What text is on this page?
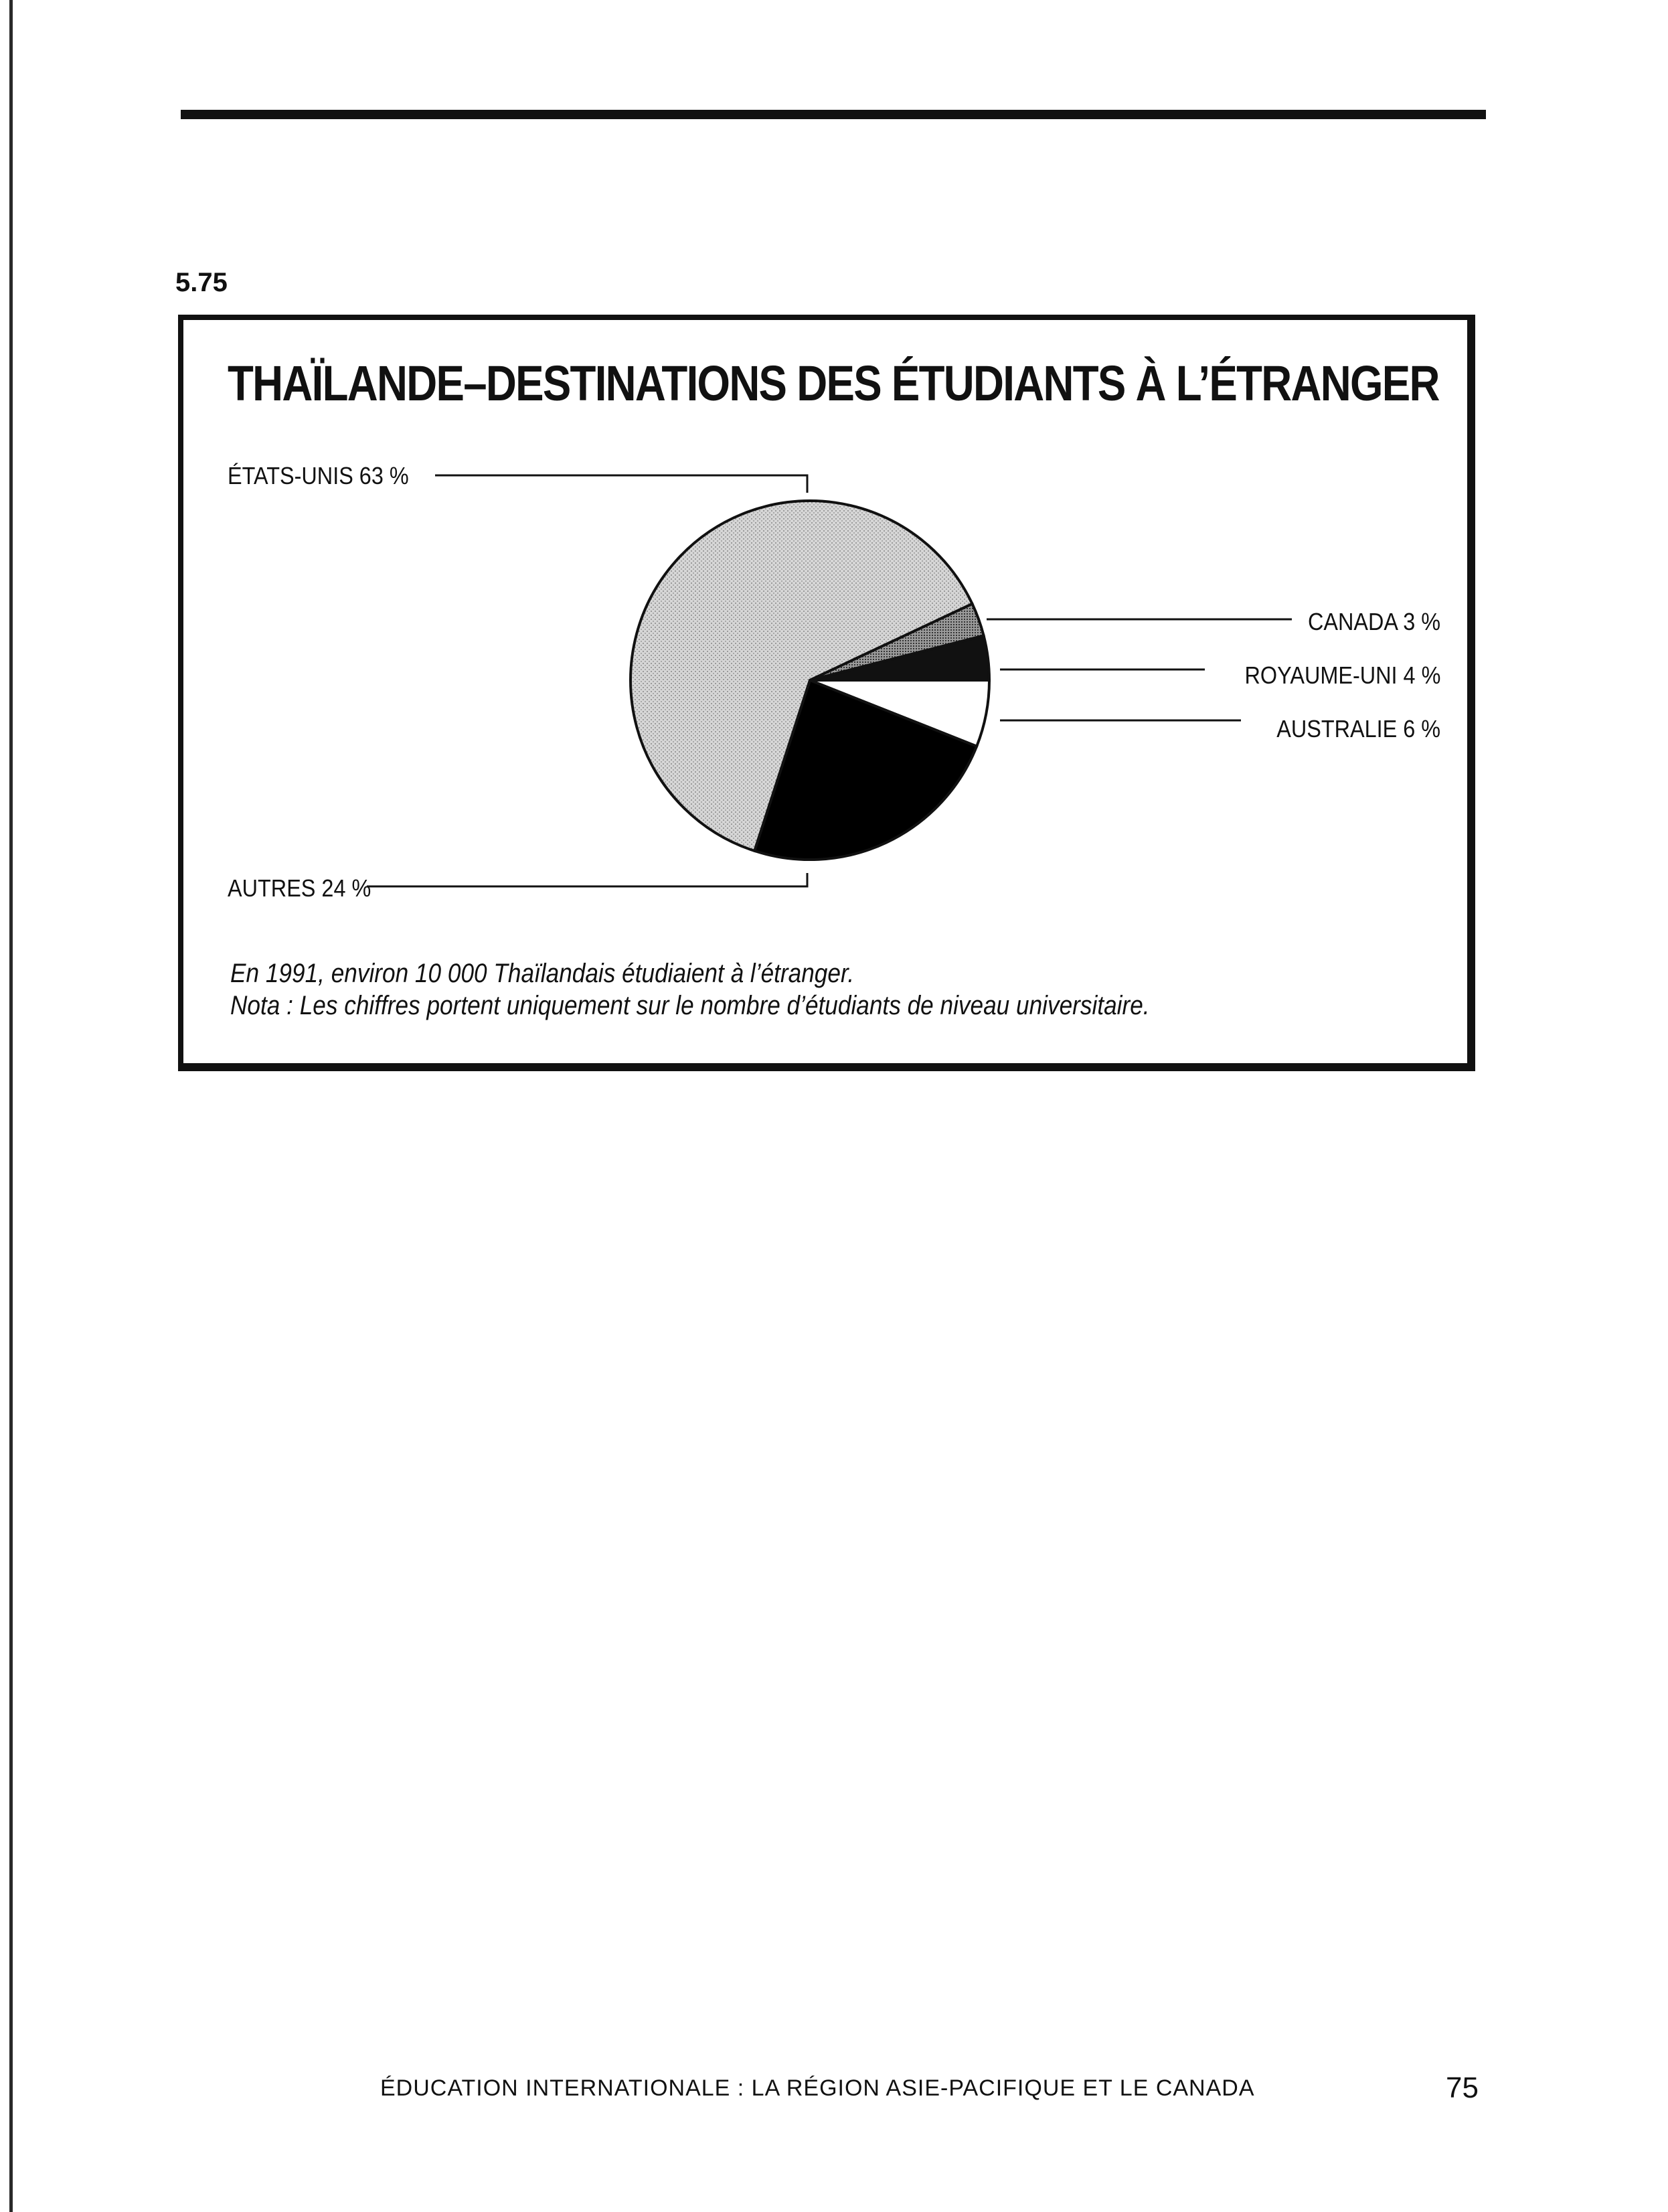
5.75
THAÏLANDE–DESTINATIONS DES ÉTUDIANTS À L’ÉTRANGER
ÉTATS-UNIS 63 %
CANADA 3 %
ROYAUME-UNI 4 %
AUSTRALIE 6 %
AUTRES 24 %
En 1991, environ 10 000 Thaïlandais étudiaient à l’étranger.
Nota : Les chiffres portent uniquement sur le nombre d’étudiants de niveau universitaire.
ÉDUCATION INTERNATIONALE : LA RÉGION ASIE-PACIFIQUE ET LE CANADA	75
